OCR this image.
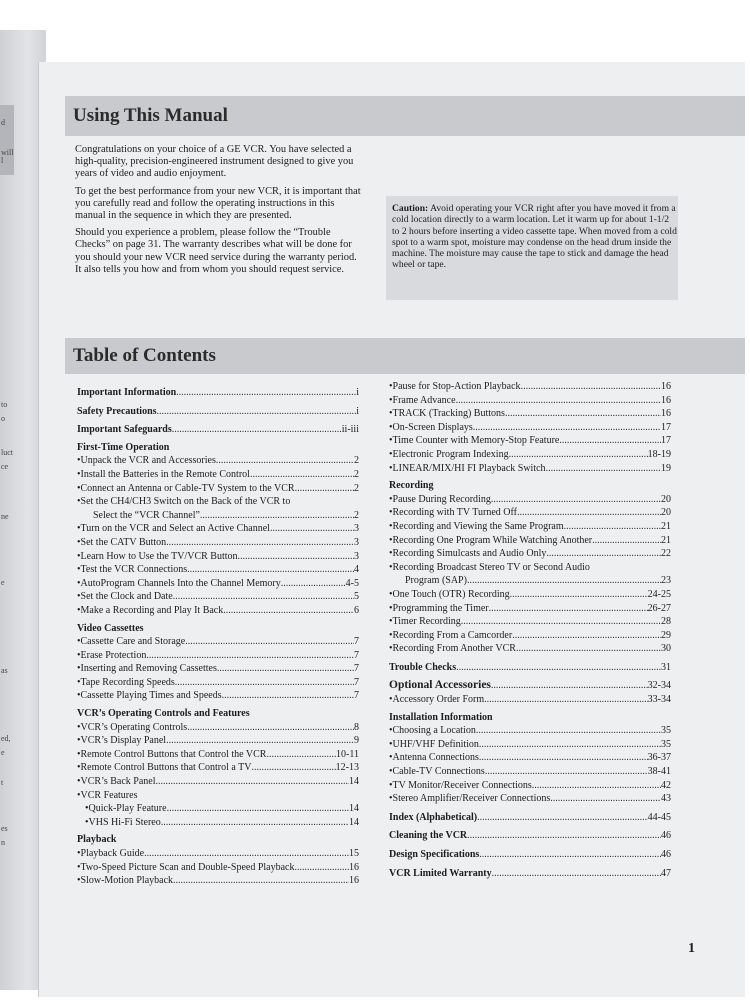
d
will
l
to
o
luct
ce
ne
e
as
ed,
e
t
es
n
Using This Manual

Congratulations on your choice of a GE VCR. You have selected a high-quality, precision-engineered instrument designed to give you years of video and audio enjoyment.

To get the best performance from your new VCR, it is important that you carefully read and follow the operating instructions in this manual in the sequence in which they are presented.

Should you experience a problem, please follow the “Trouble Checks” on page 31. The warranty describes what will be done for you should your new VCR need service during the warranty period. It also tells you how and from whom you should request service.

Caution: Avoid operating your VCR right after you have moved it from a cold location directly to a warm location. Let it warm up for about 1-1/2 to 2 hours before inserting a video cassette tape. When moved from a cold spot to a warm spot, moisture may condense on the head drum inside the machine. The moisture may cause the tape to stick and damage the head wheel or tape.
Table of Contents
Important Information .....	i
Safety Precautions .....	i
Important Safeguards .....	ii-iii
First-Time Operation
• Unpack the VCR and Accessories .....	2
• Install the Batteries in the Remote Control .....	2
• Connect an Antenna or Cable-TV System to the VCR .....	2
• Set the CH4/CH3 Switch on the Back of the VCR to
Select the “VCR Channel” .....	2
• Turn on the VCR and Select an Active Channel .....	3
• Set the CATV Button .....	3
• Learn How to Use the TV/VCR Button .....	3
• Test the VCR Connections .....	4
• AutoProgram Channels Into the Channel Memory .....	4-5
• Set the Clock and Date .....	5
• Make a Recording and Play It Back .....	6
Video Cassettes
• Cassette Care and Storage .....	7
• Erase Protection .....	7
• Inserting and Removing Cassettes .....	7
• Tape Recording Speeds .....	7
• Cassette Playing Times and Speeds .....	7
VCR’s Operating Controls and Features
• VCR’s Operating Controls .....	8
• VCR’s Display Panel .....	9
• Remote Control Buttons that Control the VCR .....	10-11
• Remote Control Buttons that Control a TV .....	12-13
• VCR’s Back Panel .....	14
• VCR Features
• Quick-Play Feature .....	14
• VHS Hi-Fi Stereo .....	14
Playback
• Playback Guide .....	15
• Two-Speed Picture Scan and Double-Speed Playback .....	16
• Slow-Motion Playback .....	16
• Pause for Stop-Action Playback .....	16
• Frame Advance .....	16
• TRACK (Tracking) Buttons .....	16
• On-Screen Displays .....	17
• Time Counter with Memory-Stop Feature .....	17
• Electronic Program Indexing .....	18-19
• LINEAR/MIX/HI FI Playback Switch .....	19
Recording
• Pause During Recording .....	20
• Recording with TV Turned Off .....	20
• Recording and Viewing the Same Program .....	21
• Recording One Program While Watching Another .....	21
• Recording Simulcasts and Audio Only .....	22
• Recording Broadcast Stereo TV or Second Audio
Program (SAP) .....	23
• One Touch (OTR) Recording .....	24-25
• Programming the Timer .....	26-27
• Timer Recording .....	28
• Recording From a Camcorder .....	29
• Recording From Another VCR .....	30
Trouble Checks .....	31
Optional Accessories .....	32-34
• Accessory Order Form .....	33-34
Installation Information
• Choosing a Location .....	35
• UHF/VHF Definition .....	35
• Antenna Connections .....	36-37
• Cable-TV Connections .....	38-41
• TV Monitor/Receiver Connections .....	42
• Stereo Amplifier/Receiver Connections .....	43
Index (Alphabetical) .....	44-45
Cleaning the VCR .....	46
Design Specifications .....	46
VCR Limited Warranty .....	47
1
